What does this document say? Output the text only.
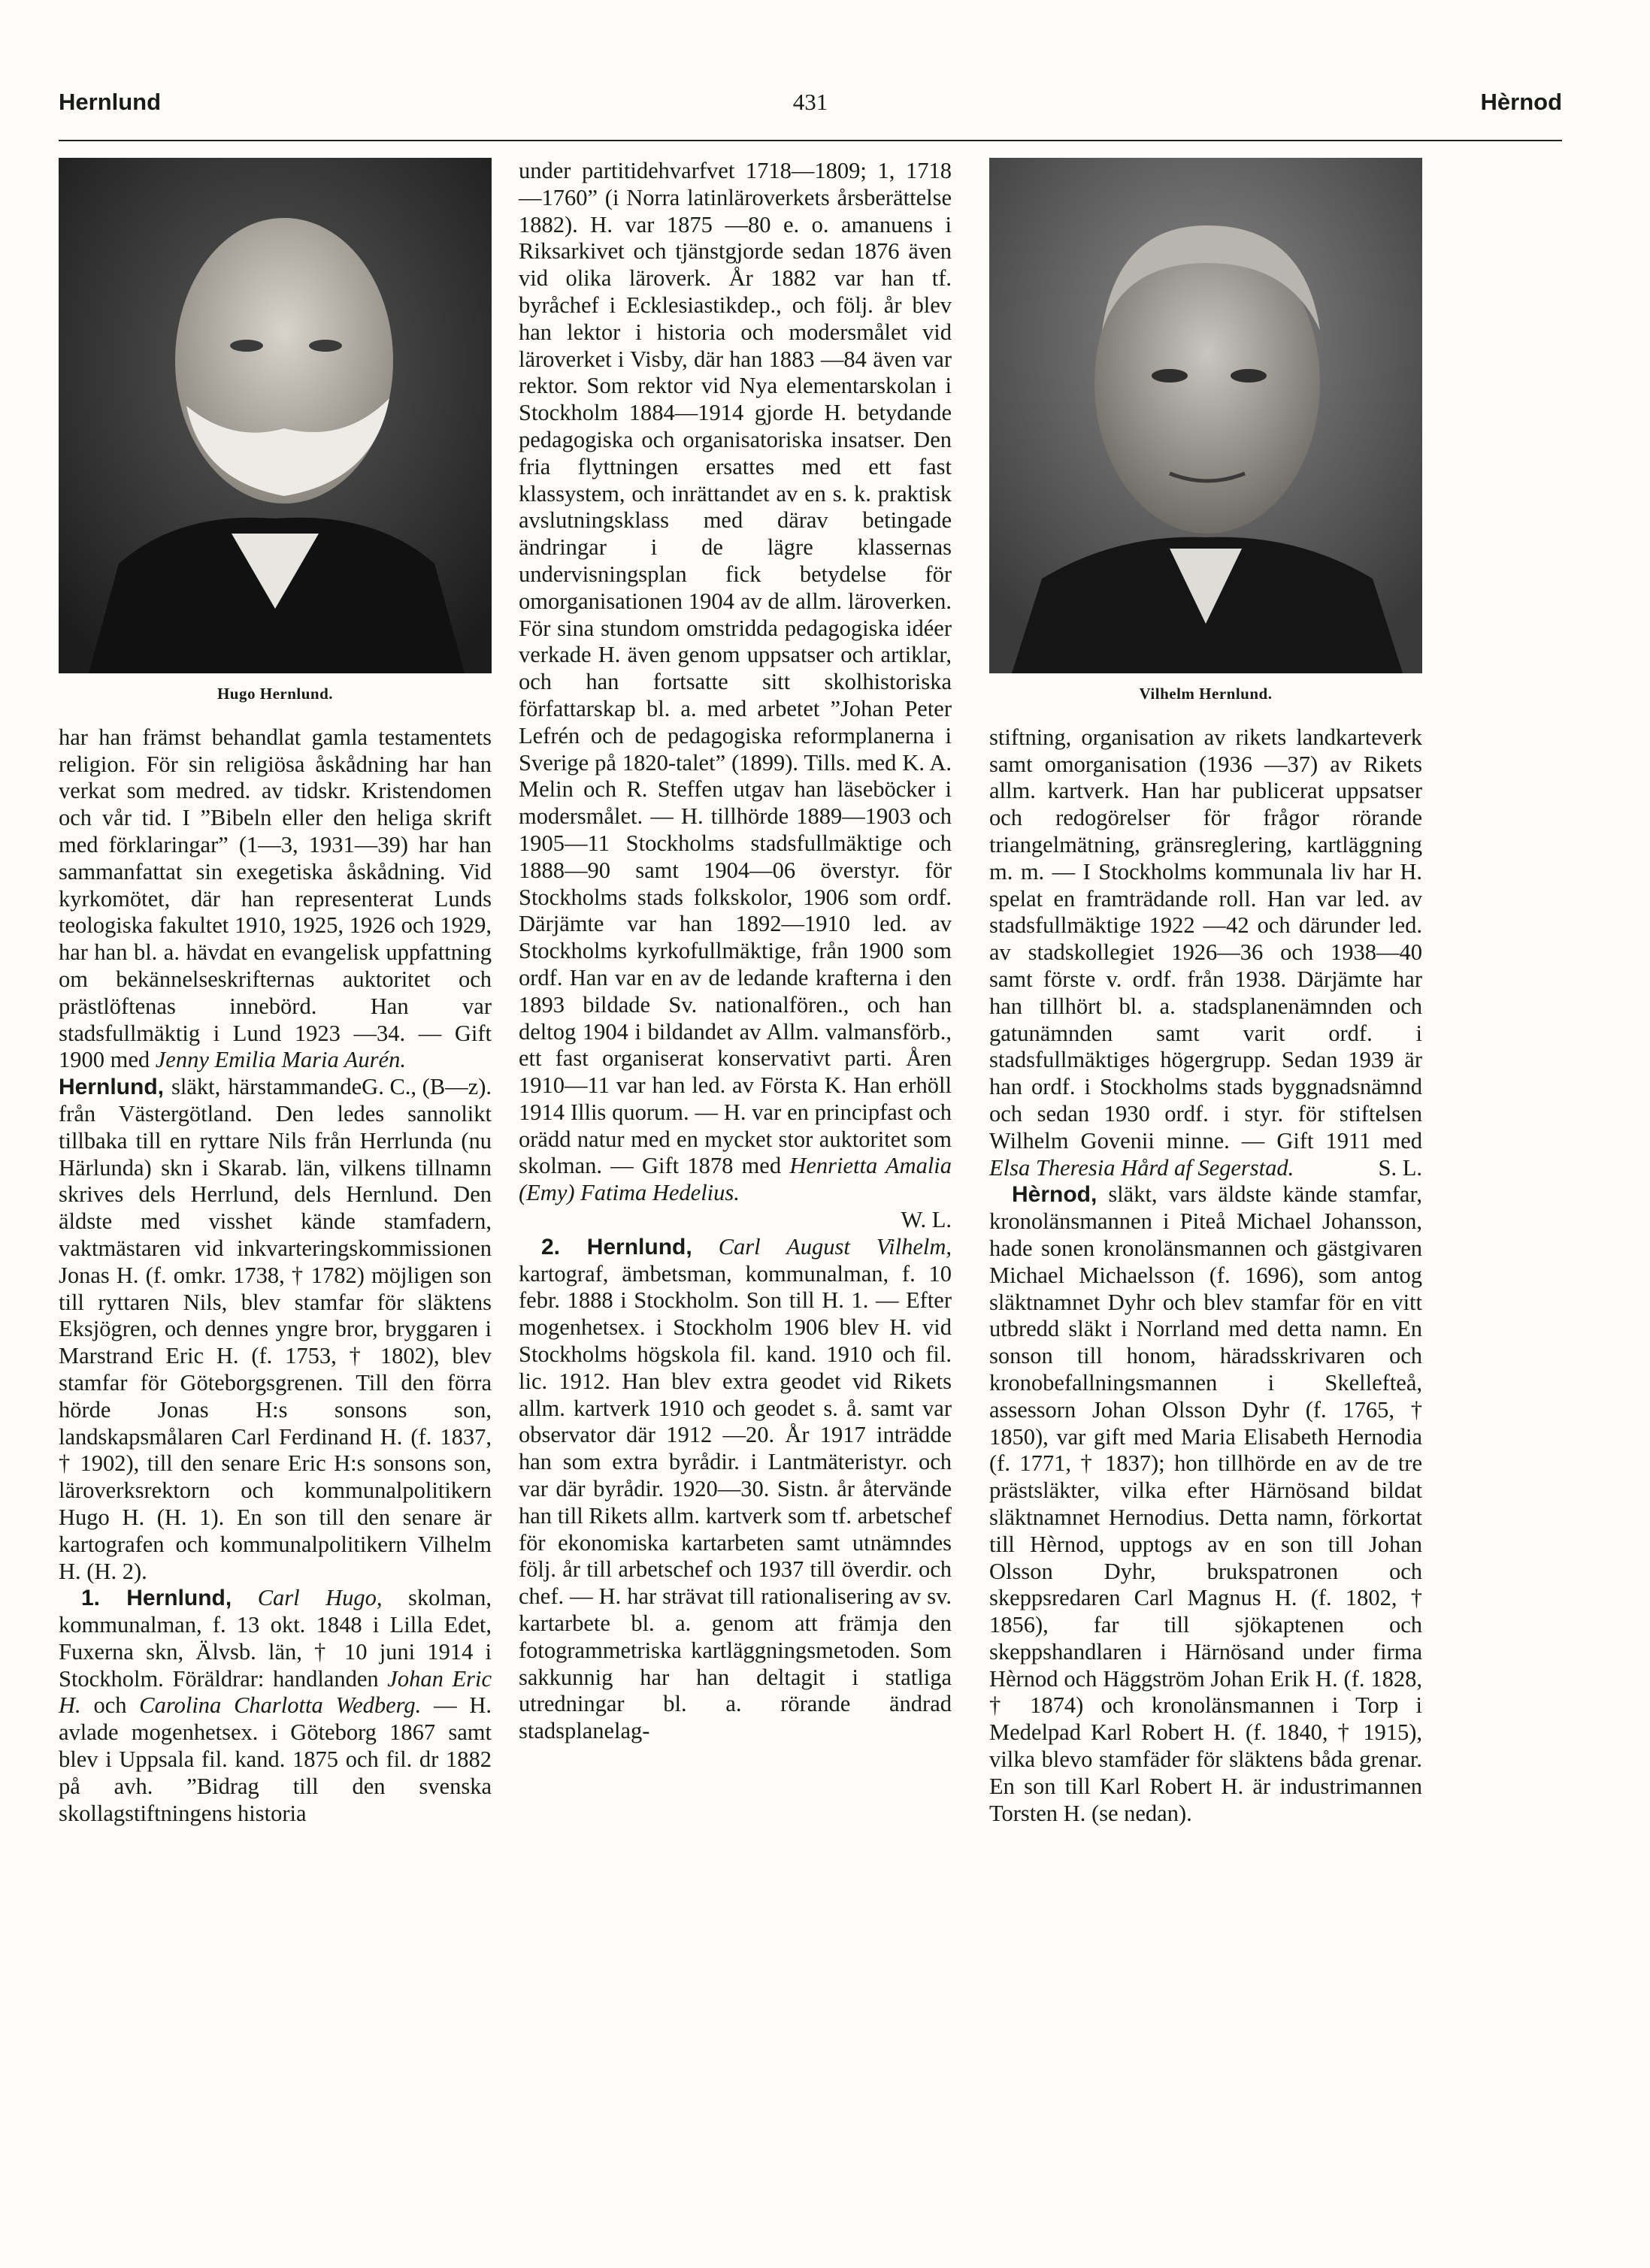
Hernlund	431	Hèrnod
Hugo Hernlund.

har han främst behandlat gamla testamentets religion. För sin religiösa åskådning har han verkat som medred. av tidskr. Kristendomen och vår tid. I ”Bibeln eller den heliga skrift med förklaringar” (1—3, 1931—39) har han sammanfattat sin exegetiska åskådning. Vid kyrkomötet, där han representerat Lunds teologiska fakultet 1910, 1925, 1926 och 1929, har han bl. a. hävdat en evangelisk uppfattning om bekännelseskrifternas auktoritet och prästlöftenas innebörd. Han var stadsfullmäktig i Lund 1923 —34. — Gift 1900 med Jenny Emilia Maria Aurén.
G. C., (B—z).

Hernlund, släkt, härstammande från Västergötland. Den ledes sannolikt tillbaka till en ryttare Nils från Herrlunda (nu Härlunda) skn i Skarab. län, vilkens tillnamn skrives dels Herrlund, dels Hernlund. Den äldste med visshet kände stamfadern, vaktmästaren vid inkvarteringskommissionen Jonas H. (f. omkr. 1738, † 1782) möjligen son till ryttaren Nils, blev stamfar för släktens Eksjögren, och dennes yngre bror, bryggaren i Marstrand Eric H. (f. 1753, † 1802), blev stamfar för Göteborgsgrenen. Till den förra hörde Jonas H:s sonsons son, landskapsmålaren Carl Ferdinand H. (f. 1837, † 1902), till den senare Eric H:s sonsons son, läroverksrektorn och kommunalpolitikern Hugo H. (H. 1). En son till den senare är kartografen och kommunalpolitikern Vilhelm H. (H. 2).

1. Hernlund, Carl Hugo, skolman, kommunalman, f. 13 okt. 1848 i Lilla Edet, Fuxerna skn, Älvsb. län, † 10 juni 1914 i Stockholm. Föräldrar: handlanden Johan Eric H. och Carolina Charlotta Wedberg. — H. avlade mogenhetsex. i Göteborg 1867 samt blev i Uppsala fil. kand. 1875 och fil. dr 1882 på avh. ”Bidrag till den svenska skollagstiftningens historia

under partitidehvarfvet 1718—1809; 1, 1718—1760” (i Norra latinläroverkets årsberättelse 1882). H. var 1875 —80 e. o. amanuens i Riksarkivet och tjänstgjorde sedan 1876 även vid olika läroverk. År 1882 var han tf. byråchef i Ecklesiastikdep., och följ. år blev han lektor i historia och modersmålet vid läroverket i Visby, där han 1883 —84 även var rektor. Som rektor vid Nya elementarskolan i Stockholm 1884—1914 gjorde H. betydande pedagogiska och organisatoriska insatser. Den fria flyttningen ersattes med ett fast klassystem, och inrättandet av en s. k. praktisk avslutningsklass med därav betingade ändringar i de lägre klassernas undervisningsplan fick betydelse för omorganisationen 1904 av de allm. läroverken. För sina stundom omstridda pedagogiska idéer verkade H. även genom uppsatser och artiklar, och han fortsatte sitt skolhistoriska författarskap bl. a. med arbetet ”Johan Peter Lefrén och de pedagogiska reformplanerna i Sverige på 1820-talet” (1899). Tills. med K. A. Melin och R. Steffen utgav han läseböcker i modersmålet. — H. tillhörde 1889—1903 och 1905—11 Stockholms stadsfullmäktige och 1888—90 samt 1904—06 överstyr. för Stockholms stads folkskolor, 1906 som ordf. Därjämte var han 1892—1910 led. av Stockholms kyrkofullmäktige, från 1900 som ordf. Han var en av de ledande krafterna i den 1893 bildade Sv. nationalfören., och han deltog 1904 i bildandet av Allm. valmansförb., ett fast organiserat konservativt parti. Åren 1910—11 var han led. av Första K. Han erhöll 1914 Illis quorum. — H. var en principfast och orädd natur med en mycket stor auktoritet som skolman. — Gift 1878 med Henrietta Amalia (Emy) Fatima Hedelius.

W. L.

2. Hernlund, Carl August Vilhelm, kartograf, ämbetsman, kommunalman, f. 10 febr. 1888 i Stockholm. Son till H. 1. — Efter mogenhetsex. i Stockholm 1906 blev H. vid Stockholms högskola fil. kand. 1910 och fil. lic. 1912. Han blev extra geodet vid Rikets allm. kartverk 1910 och geodet s. å. samt var observator där 1912 —20. År 1917 inträdde han som extra byrådir. i Lantmäteristyr. och var där byrådir. 1920—30. Sistn. år återvände han till Rikets allm. kartverk som tf. arbetschef för ekonomiska kartarbeten samt utnämndes följ. år till arbetschef och 1937 till överdir. och chef. — H. har strävat till rationalisering av sv. kartarbete bl. a. genom att främja den fotogrammetriska kartläggningsmetoden. Som sakkunnig har han deltagit i statliga utredningar bl. a. rörande ändrad stadsplanelag-

Vilhelm Hernlund.

stiftning, organisation av rikets landkarteverk samt omorganisation (1936 —37) av Rikets allm. kartverk. Han har publicerat uppsatser och redogörelser för frågor rörande triangelmätning, gränsreglering, kartläggning m. m. — I Stockholms kommunala liv har H. spelat en framträdande roll. Han var led. av stadsfullmäktige 1922 —42 och därunder led. av stadskollegiet 1926—36 och 1938—40 samt förste v. ordf. från 1938. Därjämte har han tillhört bl. a. stadsplanenämnden och gatunämnden samt varit ordf. i stadsfullmäktiges högergrupp. Sedan 1939 är han ordf. i Stockholms stads byggnadsnämnd och sedan 1930 ordf. i styr. för stiftelsen Wilhelm Govenii minne. — Gift 1911 med Elsa Theresia Hård af Segerstad.	S. L.

Hèrnod, släkt, vars äldste kände stamfar, kronolänsmannen i Piteå Michael Johansson, hade sonen kronolänsmannen och gästgivaren Michael Michaelsson (f. 1696), som antog släktnamnet Dyhr och blev stamfar för en vitt utbredd släkt i Norrland med detta namn. En sonson till honom, häradsskrivaren och kronobefallningsmannen i Skellefteå, assessorn Johan Olsson Dyhr (f. 1765, † 1850), var gift med Maria Elisabeth Hernodia (f. 1771, † 1837); hon tillhörde en av de tre prästsläkter, vilka efter Härnösand bildat släktnamnet Hernodius. Detta namn, förkortat till Hèrnod, upptogs av en son till Johan Olsson Dyhr, brukspatronen och skeppsredaren Carl Magnus H. (f. 1802, † 1856), far till sjökaptenen och skeppshandlaren i Härnösand under firma Hèrnod och Häggström Johan Erik H. (f. 1828, † 1874) och kronolänsmannen i Torp i Medelpad Karl Robert H. (f. 1840, † 1915), vilka blevo stamfäder för släktens båda grenar. En son till Karl Robert H. är industrimannen Torsten H. (se nedan).
